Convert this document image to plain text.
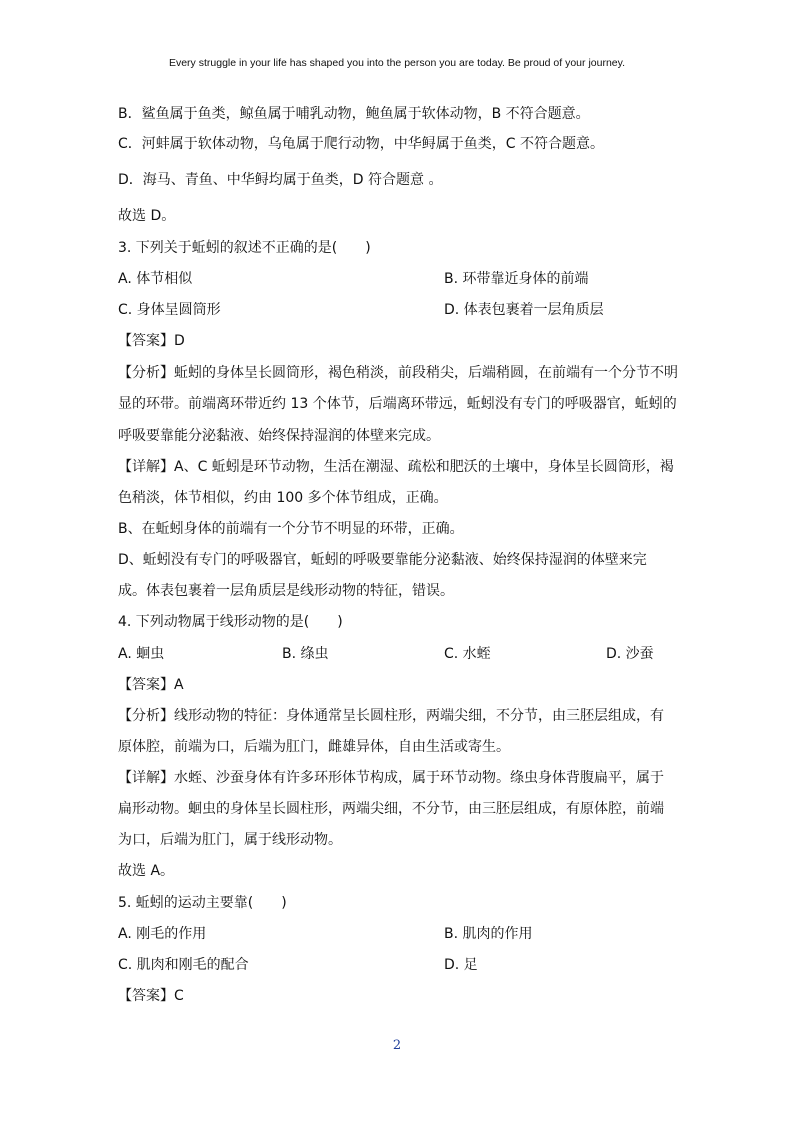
Every struggle in your life has shaped you into the person you are today. Be proud of your journey.
B．鲨鱼属于鱼类，鲸鱼属于哺乳动物，鲍鱼属于软体动物，B 不符合题意。
C．河蚌属于软体动物，乌龟属于爬行动物，中华鲟属于鱼类，C 不符合题意。
D．海马、青鱼、中华鲟均属于鱼类，D 符合题意 。
故选 D。
3. 下列关于蚯蚓的叙述不正确的是(　　)
A. 体节相似	B. 环带靠近身体的前端
C. 身体呈圆筒形	D. 体表包裹着一层角质层
【答案】D
【分析】蚯蚓的身体呈长圆筒形，褐色稍淡，前段稍尖，后端稍圆，在前端有一个分节不明
显的环带。前端离环带近约 13 个体节，后端离环带远，蚯蚓没有专门的呼吸器官，蚯蚓的
呼吸要靠能分泌黏液、始终保持湿润的体壁来完成。
【详解】A、C 蚯蚓是环节动物，生活在潮湿、疏松和肥沃的土壤中，身体呈长圆筒形，褐
色稍淡，体节相似，约由 100 多个体节组成，正确。
B、在蚯蚓身体的前端有一个分节不明显的环带，正确。
D、蚯蚓没有专门的呼吸器官，蚯蚓的呼吸要靠能分泌黏液、始终保持湿润的体壁来完
成。体表包裹着一层角质层是线形动物的特征，错误。
4. 下列动物属于线形动物的是(　　)
A. 蛔虫	B. 绦虫	C. 水蛭	D. 沙蚕
【答案】A
【分析】线形动物的特征：身体通常呈长圆柱形，两端尖细，不分节，由三胚层组成，有
原体腔，前端为口，后端为肛门，雌雄异体，自由生活或寄生。
【详解】水蛭、沙蚕身体有许多环形体节构成，属于环节动物。绦虫身体背腹扁平，属于
扁形动物。蛔虫的身体呈长圆柱形，两端尖细，不分节，由三胚层组成，有原体腔，前端
为口，后端为肛门，属于线形动物。
故选 A。
5. 蚯蚓的运动主要靠(　　)
A. 刚毛的作用	B. 肌肉的作用
C. 肌肉和刚毛的配合	D. 足
【答案】C
2
